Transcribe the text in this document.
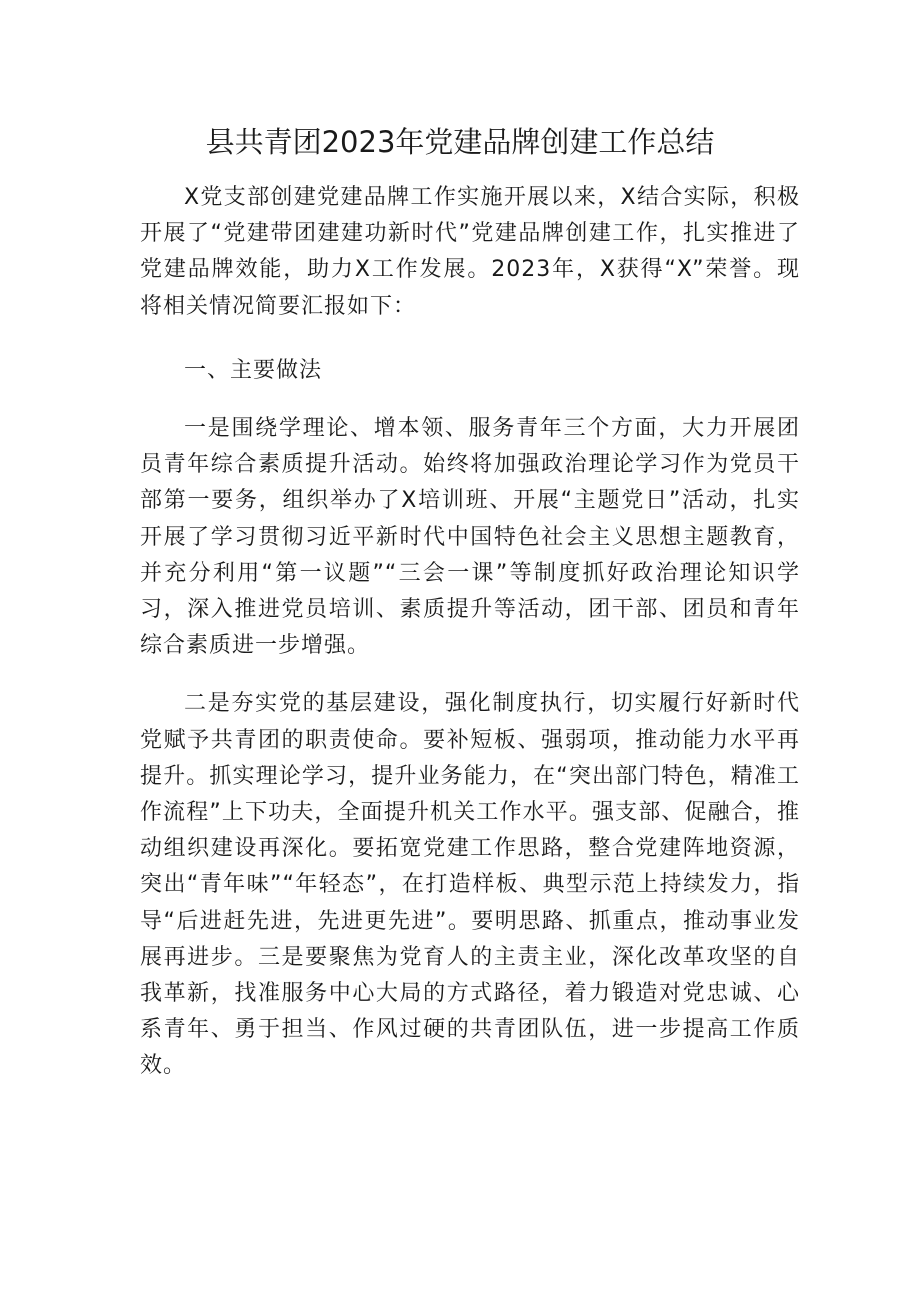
县共青团2023年党建品牌创建工作总结

X党支部创建党建品牌工作实施开展以来，X结合实际，积极开展了“党建带团建建功新时代”党建品牌创建工作，扎实推进了党建品牌效能，助力X工作发展。2023年，X获得“X”荣誉。现将相关情况简要汇报如下：

一、主要做法

一是围绕学理论、增本领、服务青年三个方面，大力开展团员青年综合素质提升活动。始终将加强政治理论学习作为党员干部第一要务，组织举办了X培训班、开展“主题党日”活动，扎实开展了学习贯彻习近平新时代中国特色社会主义思想主题教育，并充分利用“第一议题”“三会一课”等制度抓好政治理论知识学习，深入推进党员培训、素质提升等活动，团干部、团员和青年综合素质进一步增强。

二是夯实党的基层建设，强化制度执行，切实履行好新时代党赋予共青团的职责使命。要补短板、强弱项，推动能力水平再提升。抓实理论学习，提升业务能力，在“突出部门特色，精准工作流程”上下功夫，全面提升机关工作水平。强支部、促融合，推动组织建设再深化。要拓宽党建工作思路，整合党建阵地资源，突出“青年味”“年轻态”，在打造样板、典型示范上持续发力，指导“后进赶先进，先进更先进”。要明思路、抓重点，推动事业发展再进步。三是要聚焦为党育人的主责主业，深化改革攻坚的自我革新，找准服务中心大局的方式路径，着力锻造对党忠诚、心系青年、勇于担当、作风过硬的共青团队伍，进一步提高工作质效。
